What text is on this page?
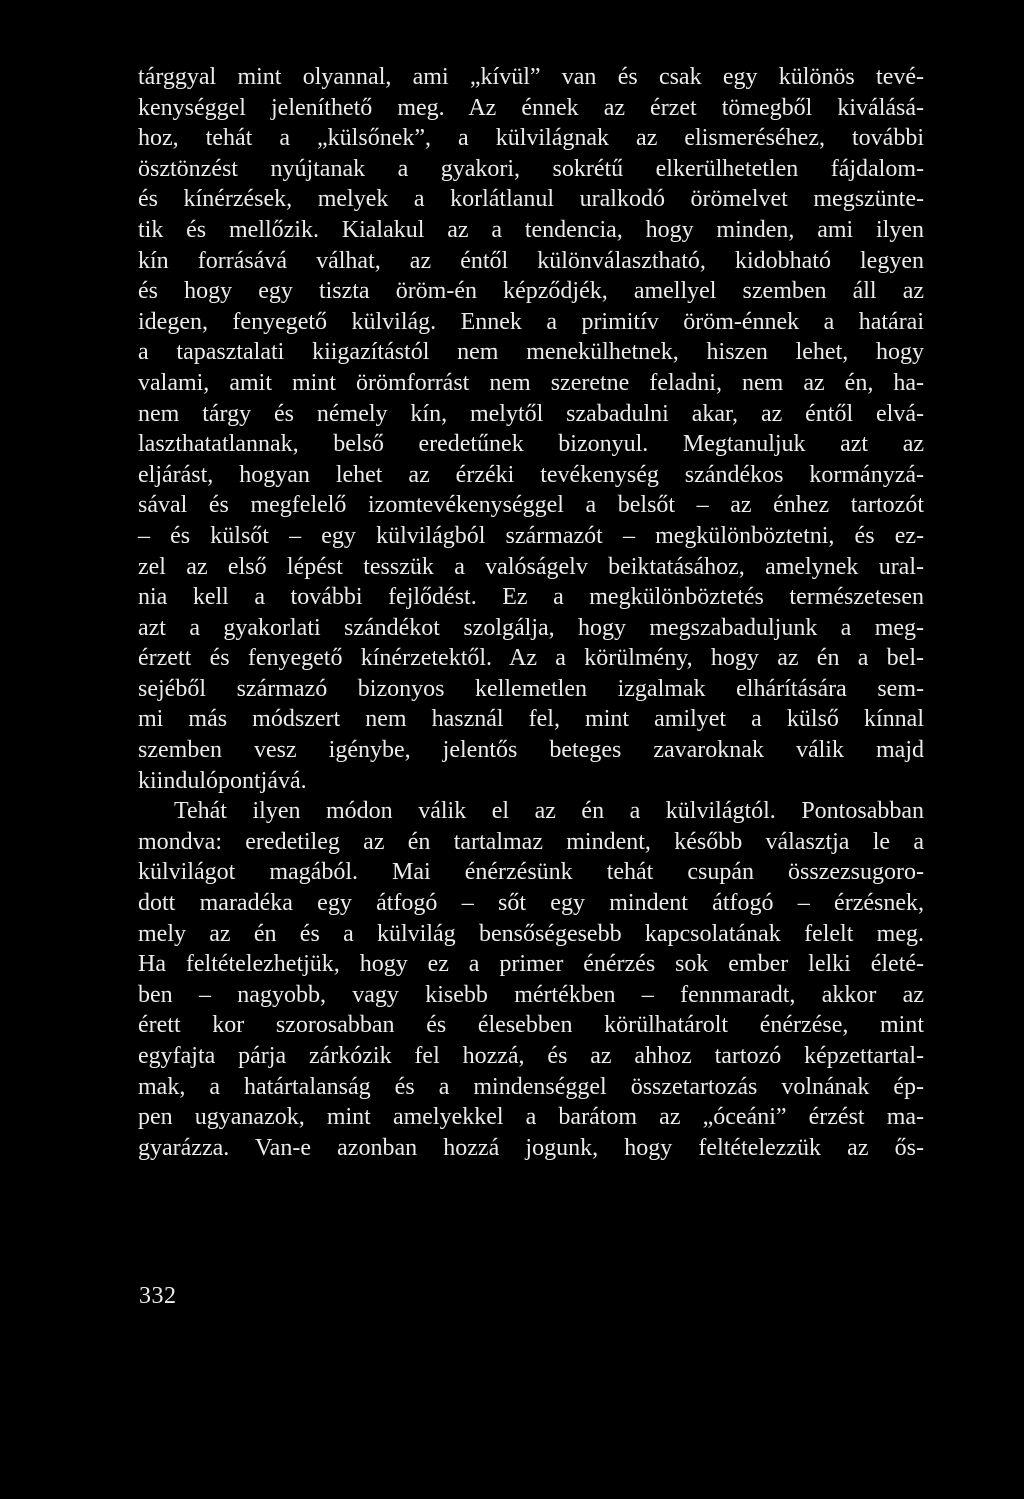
tárggyal mint olyannal, ami „kívül” van és csak egy különös tevé-
kenységgel jeleníthető meg. Az énnek az érzet tömegből kiválásá-
hoz, tehát a „külsőnek”, a külvilágnak az elismeréséhez, további
ösztönzést nyújtanak a gyakori, sokrétű elkerülhetetlen fájdalom-
és kínérzések, melyek a korlátlanul uralkodó örömelvet megszünte-
tik és mellőzik. Kialakul az a tendencia, hogy minden, ami ilyen
kín forrásává válhat, az éntől különválasztható, kidobható legyen
és hogy egy tiszta öröm-én képződjék, amellyel szemben áll az
idegen, fenyegető külvilág. Ennek a primitív öröm-énnek a határai
a tapasztalati kiigazítástól nem menekülhetnek, hiszen lehet, hogy
valami, amit mint örömforrást nem szeretne feladni, nem az én, ha-
nem tárgy és némely kín, melytől szabadulni akar, az éntől elvá-
laszthatatlannak, belső eredetűnek bizonyul. Megtanuljuk azt az
eljárást, hogyan lehet az érzéki tevékenység szándékos kormányzá-
sával és megfelelő izomtevékenységgel a belsőt – az énhez tartozót
– és külsőt – egy külvilágból származót – megkülönböztetni, és ez-
zel az első lépést tesszük a valóságelv beiktatásához, amelynek ural-
nia kell a további fejlődést. Ez a megkülönböztetés természetesen
azt a gyakorlati szándékot szolgálja, hogy megszabaduljunk a meg-
érzett és fenyegető kínérzetektől. Az a körülmény, hogy az én a bel-
sejéből származó bizonyos kellemetlen izgalmak elhárítására sem-
mi más módszert nem használ fel, mint amilyet a külső kínnal
szemben vesz igénybe, jelentős beteges zavaroknak válik majd
kiindulópontjává.
Tehát ilyen módon válik el az én a külvilágtól. Pontosabban
mondva: eredetileg az én tartalmaz mindent, később választja le a
külvilágot magából. Mai énérzésünk tehát csupán összezsugoro-
dott maradéka egy átfogó – sőt egy mindent átfogó – érzésnek,
mely az én és a külvilág bensőségesebb kapcsolatának felelt meg.
Ha feltételezhetjük, hogy ez a primer énérzés sok ember lelki életé-
ben – nagyobb, vagy kisebb mértékben – fennmaradt, akkor az
érett kor szorosabban és élesebben körülhatárolt énérzése, mint
egyfajta párja zárkózik fel hozzá, és az ahhoz tartozó képzettartal-
mak, a határtalanság és a mindenséggel összetartozás volnának ép-
pen ugyanazok, mint amelyekkel a barátom az „óceáni” érzést ma-
gyarázza. Van-e azonban hozzá jogunk, hogy feltételezzük az ős-
332
